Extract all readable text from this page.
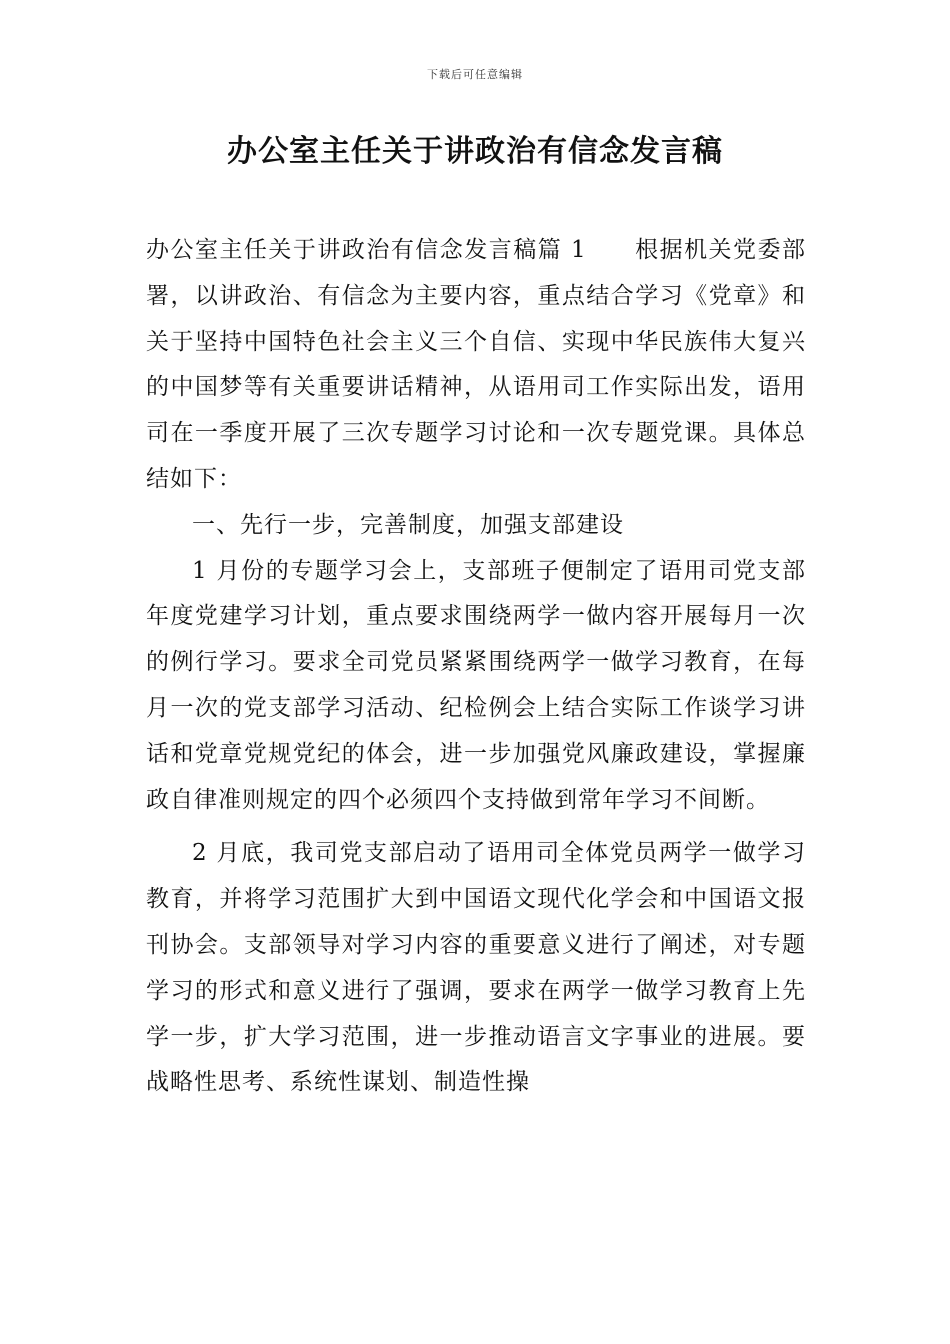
下载后可任意编辑
办公室主任关于讲政治有信念发言稿

办公室主任关于讲政治有信念发言稿篇 1 根据机关党委部署，以讲政治、有信念为主要内容，重点结合学习《党章》和关于坚持中国特色社会主义三个自信、实现中华民族伟大复兴的中国梦等有关重要讲话精神，从语用司工作实际出发，语用司在一季度开展了三次专题学习讨论和一次专题党课。具体总结如下：

一、先行一步，完善制度，加强支部建设

1 月份的专题学习会上，支部班子便制定了语用司党支部年度党建学习计划，重点要求围绕两学一做内容开展每月一次的例行学习。要求全司党员紧紧围绕两学一做学习教育，在每月一次的党支部学习活动、纪检例会上结合实际工作谈学习讲话和党章党规党纪的体会，进一步加强党风廉政建设，掌握廉政自律准则规定的四个必须四个支持做到常年学习不间断。

2 月底，我司党支部启动了语用司全体党员两学一做学习教育，并将学习范围扩大到中国语文现代化学会和中国语文报刊协会。支部领导对学习内容的重要意义进行了阐述，对专题学习的形式和意义进行了强调，要求在两学一做学习教育上先学一步，扩大学习范围，进一步推动语言文字事业的进展。要战略性思考、系统性谋划、制造性操
